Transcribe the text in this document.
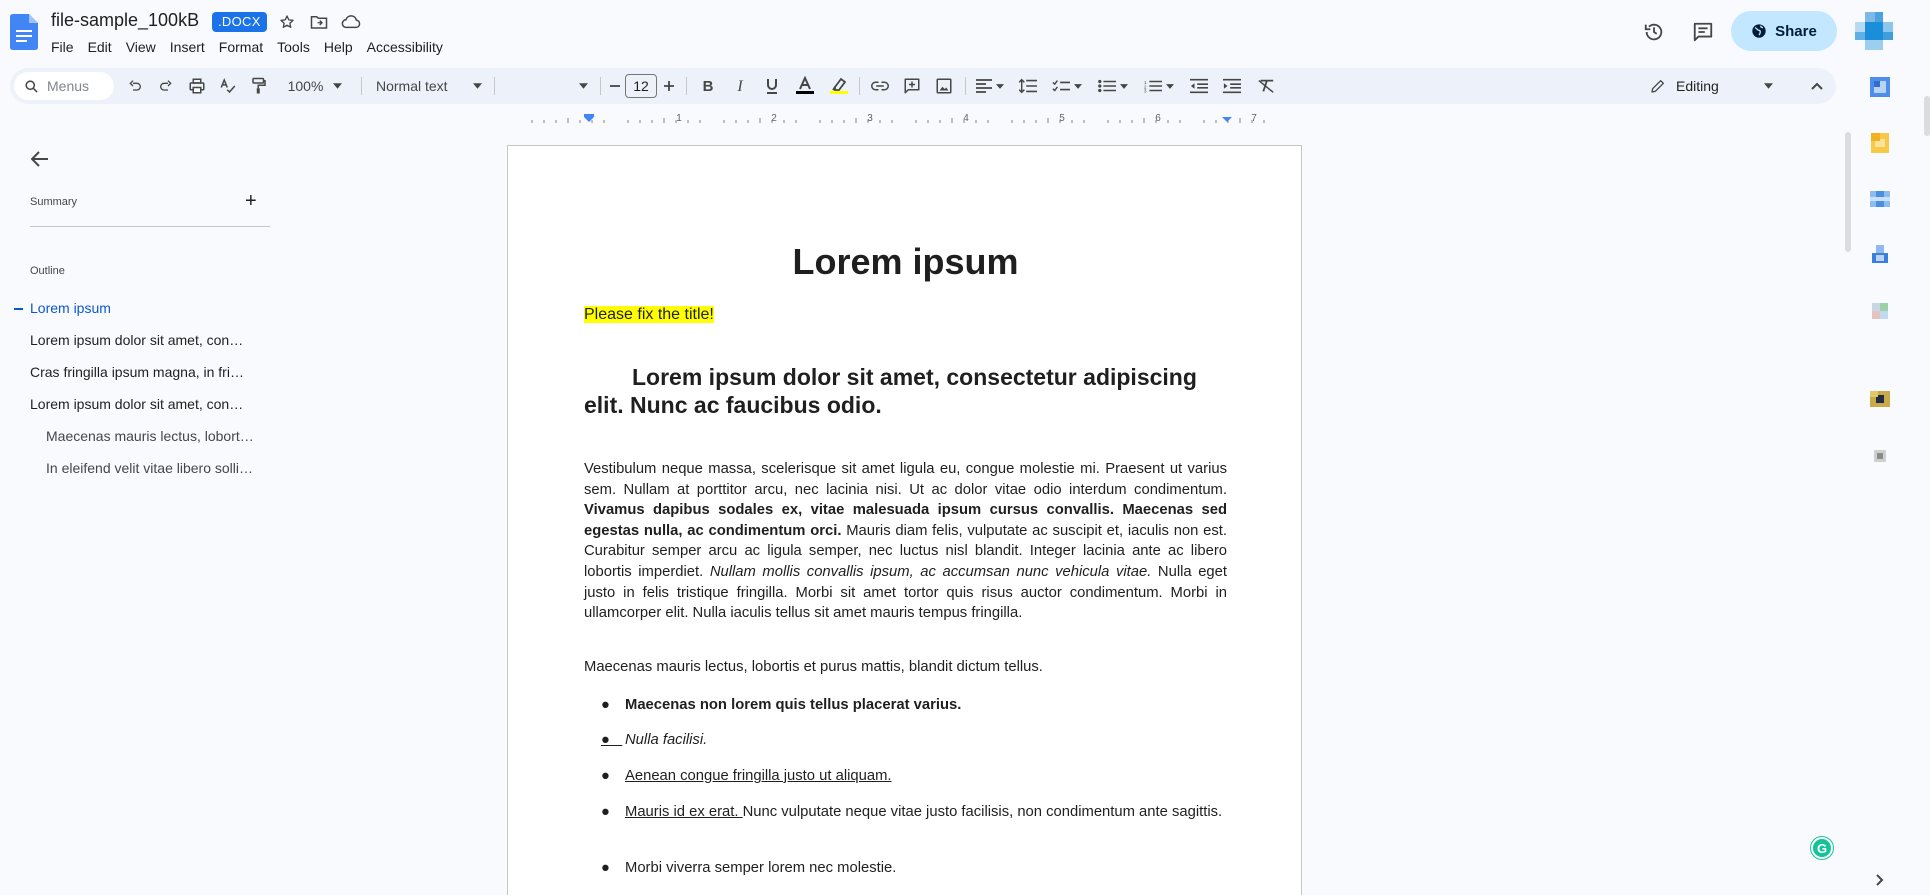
file-sample_100kB	.DOCX
File	Edit	View	Insert	Format	Tools	Help	Accessibility
Share
Menus	100%	Normal text	12	B I	1
2
3	Editing
1	2	3	4	5	6	7
Summary	+
Outline
Lorem ipsum
Lorem ipsum dolor sit amet, con…
Cras fringilla ipsum magna, in fri…
Lorem ipsum dolor sit amet, con…
Maecenas mauris lectus, lobort…
In eleifend velit vitae libero solli…
Lorem ipsum
Please fix the title!
Lorem ipsum dolor sit amet, consectetur adipiscing elit. Nunc ac faucibus odio.
Vestibulum neque massa, scelerisque sit amet ligula eu, congue molestie mi. Praesent ut varius sem. Nullam at porttitor arcu, nec lacinia nisi. Ut ac dolor vitae odio interdum condimentum. Vivamus dapibus sodales ex, vitae malesuada ipsum cursus convallis. Maecenas sed egestas nulla, ac condimentum orci. Mauris diam felis, vulputate ac suscipit et, iaculis non est. Curabitur semper arcu ac ligula semper, nec luctus nisl blandit. Integer lacinia ante ac libero lobortis imperdiet. Nullam mollis convallis ipsum, ac accumsan nunc vehicula vitae. Nulla eget justo in felis tristique fringilla. Morbi sit amet tortor quis risus auctor condimentum. Morbi in ullamcorper elit. Nulla iaculis tellus sit amet mauris tempus fringilla.
Maecenas mauris lectus, lobortis et purus mattis, blandit dictum tellus.
● Maecenas non lorem quis tellus placerat varius.
● Nulla facilisi.
● Aenean congue fringilla justo ut aliquam.
● Mauris id ex erat. Nunc vulputate neque vitae justo facilisis, non condimentum ante sagittis.
● Morbi viverra semper lorem nec molestie.
G
